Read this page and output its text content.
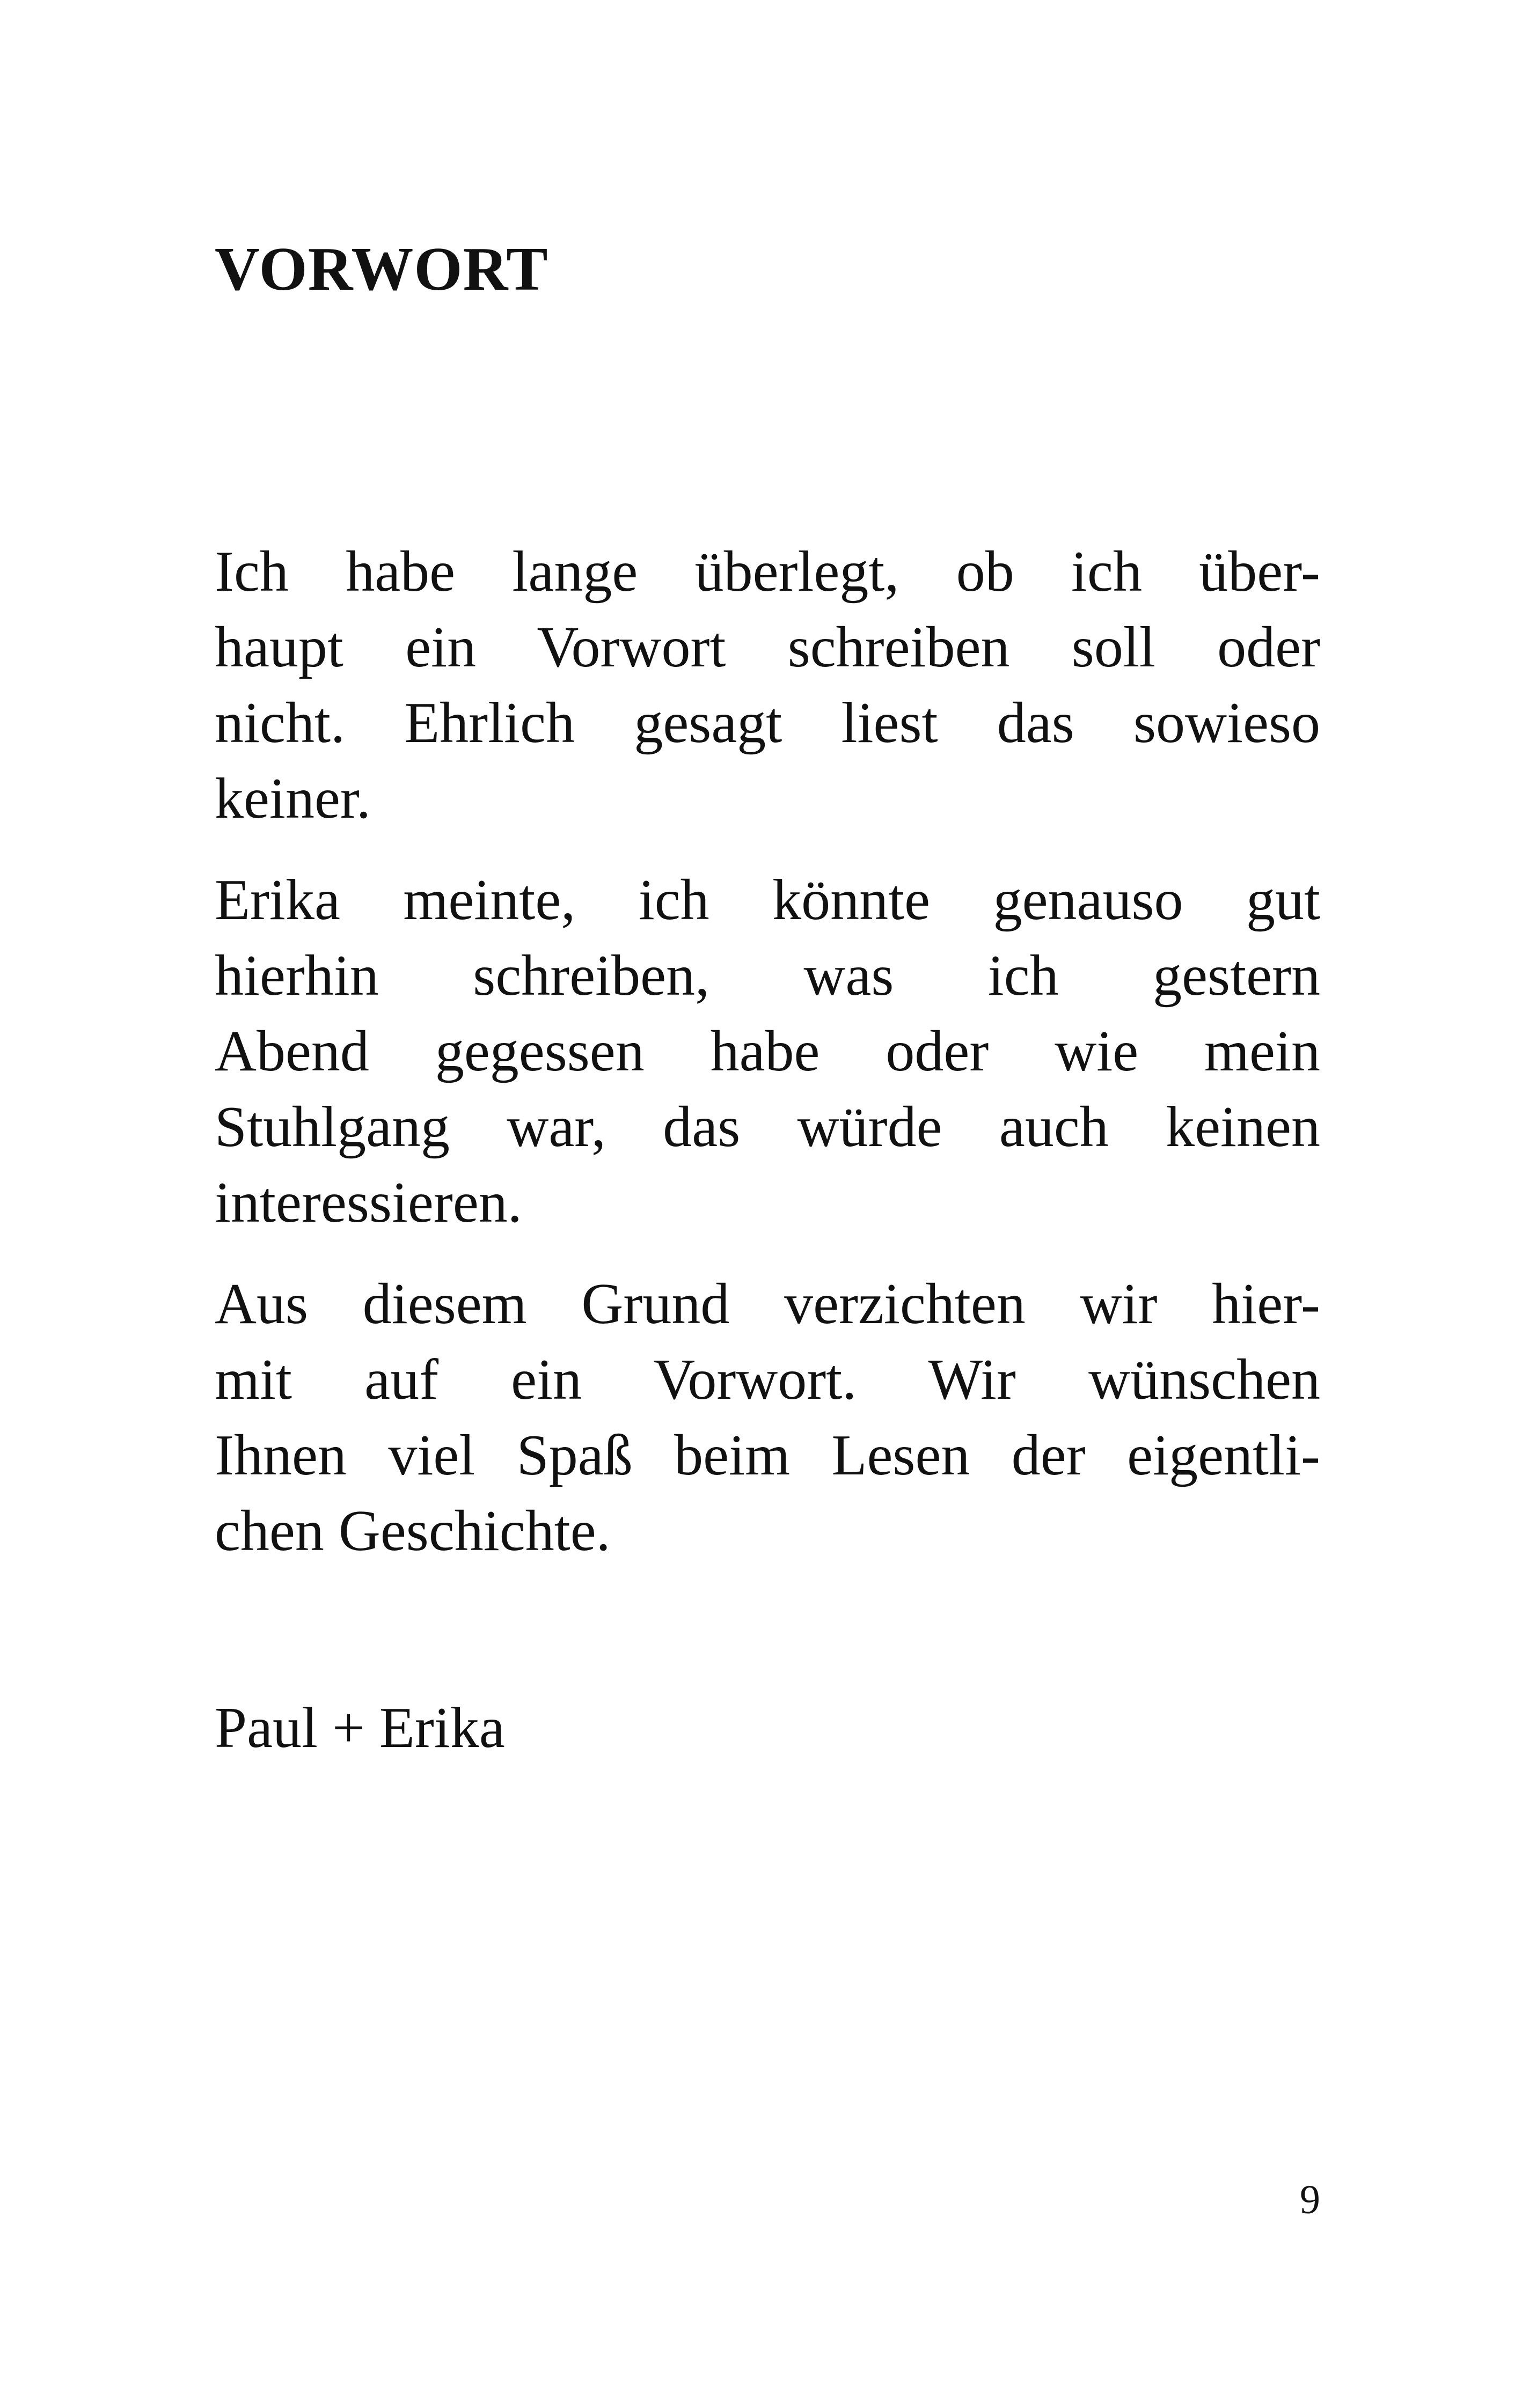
VORWORT

Ich habe lange überlegt, ob ich über-
haupt ein Vorwort schreiben soll oder
nicht. Ehrlich gesagt liest das sowieso
keiner.

Erika meinte, ich könnte genauso gut
hierhin schreiben, was ich gestern
Abend gegessen habe oder wie mein
Stuhlgang war, das würde auch keinen
interessieren.

Aus diesem Grund verzichten wir hier-
mit auf ein Vorwort. Wir wünschen
Ihnen viel Spaß beim Lesen der eigentli-
chen Geschichte.

Paul + Erika

9
